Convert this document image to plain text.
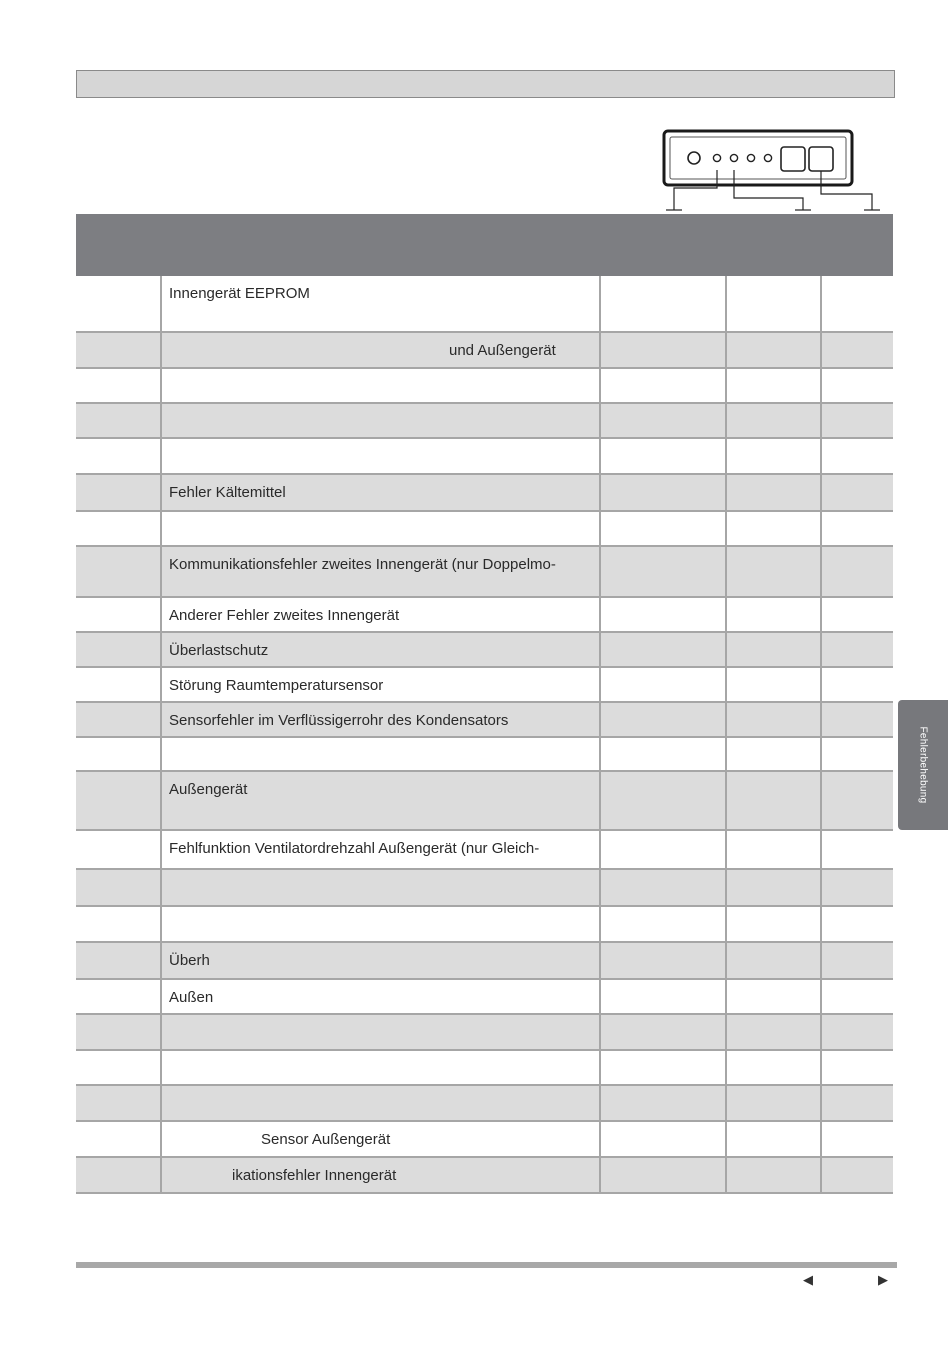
Innengerät EEPROM
und Außengerät
Fehler Kältemittel
Kommunikationsfehler zweites Innengerät (nur Doppelmo-
Anderer Fehler zweites Innengerät
Überlastschutz
Störung Raumtemperatursensor
Sensorfehler im Verflüssigerrohr des Kondensators
Außengerät
Fehlfunktion Ventilatordrehzahl Außengerät (nur Gleich-
Überh
Außen
Sensor Außengerät
ikationsfehler Innengerät
Fehlerbehebung
◀	▶
